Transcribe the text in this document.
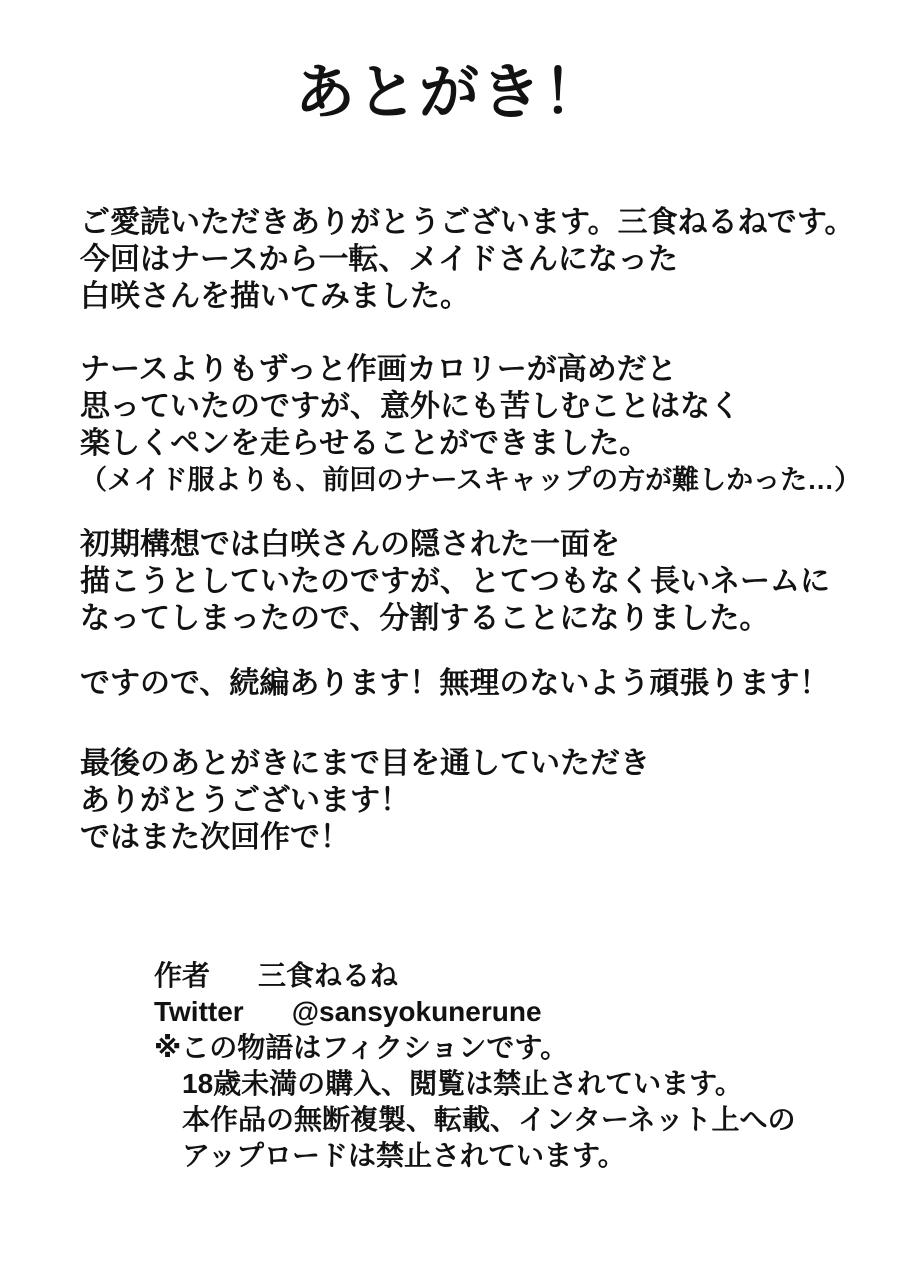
あとがき！
ご愛読いただきありがとうございます。三食ねるねです。
今回はナースから一転、メイドさんになった
白咲さんを描いてみました。
ナースよりもずっと作画カロリーが高めだと
思っていたのですが、意外にも苦しむことはなく
楽しくペンを走らせることができました。
（メイド服よりも、前回のナースキャップの方が難しかった…）
初期構想では白咲さんの隠された一面を
描こうとしていたのですが、とてつもなく長いネームに
なってしまったので、分割することになりました。
ですので、続編あります！無理のないよう頑張ります！
最後のあとがきにまで目を通していただき
ありがとうございます！
ではまた次回作で！
作者 三食ねるね
Twitter @sansyokunerune
※この物語はフィクションです。
18歳未満の購入、閲覧は禁止されています。
本作品の無断複製、転載、インターネット上への
アップロードは禁止されています。
